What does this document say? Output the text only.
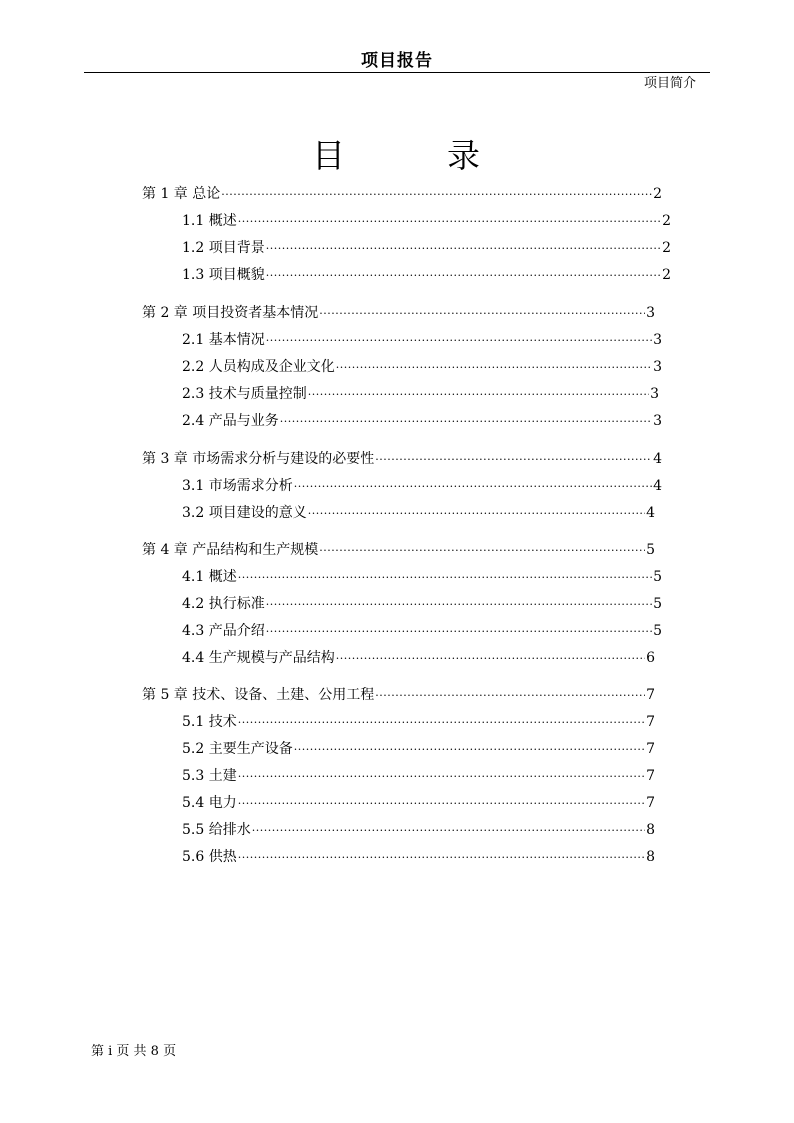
项目报告
项目简介
目	录
第 1 章 总论 ·····	2
1.1 概述 ·····	2
1.2 项目背景 ·····	2
1.3 项目概貌 ·····	2
第 2 章 项目投资者基本情况 ·····	3
2.1 基本情况 ·····	3
2.2 人员构成及企业文化 ·····	3
2.3 技术与质量控制 ·····	3
2.4 产品与业务 ·····	3
第 3 章 市场需求分析与建设的必要性 ·····	4
3.1 市场需求分析 ·····	4
3.2 项目建设的意义 ·····	4
第 4 章 产品结构和生产规模 ·····	5
4.1 概述 ·····	5
4.2 执行标准 ·····	5
4.3 产品介绍 ·····	5
4.4 生产规模与产品结构 ·····	6
第 5 章 技术、设备、土建、公用工程 ·····	7
5.1 技术 ·····	7
5.2 主要生产设备 ·····	7
5.3 土建 ·····	7
5.4 电力 ·····	7
5.5 给排水 ·····	8
5.6 供热 ·····	8
第 i 页 共 8 页
